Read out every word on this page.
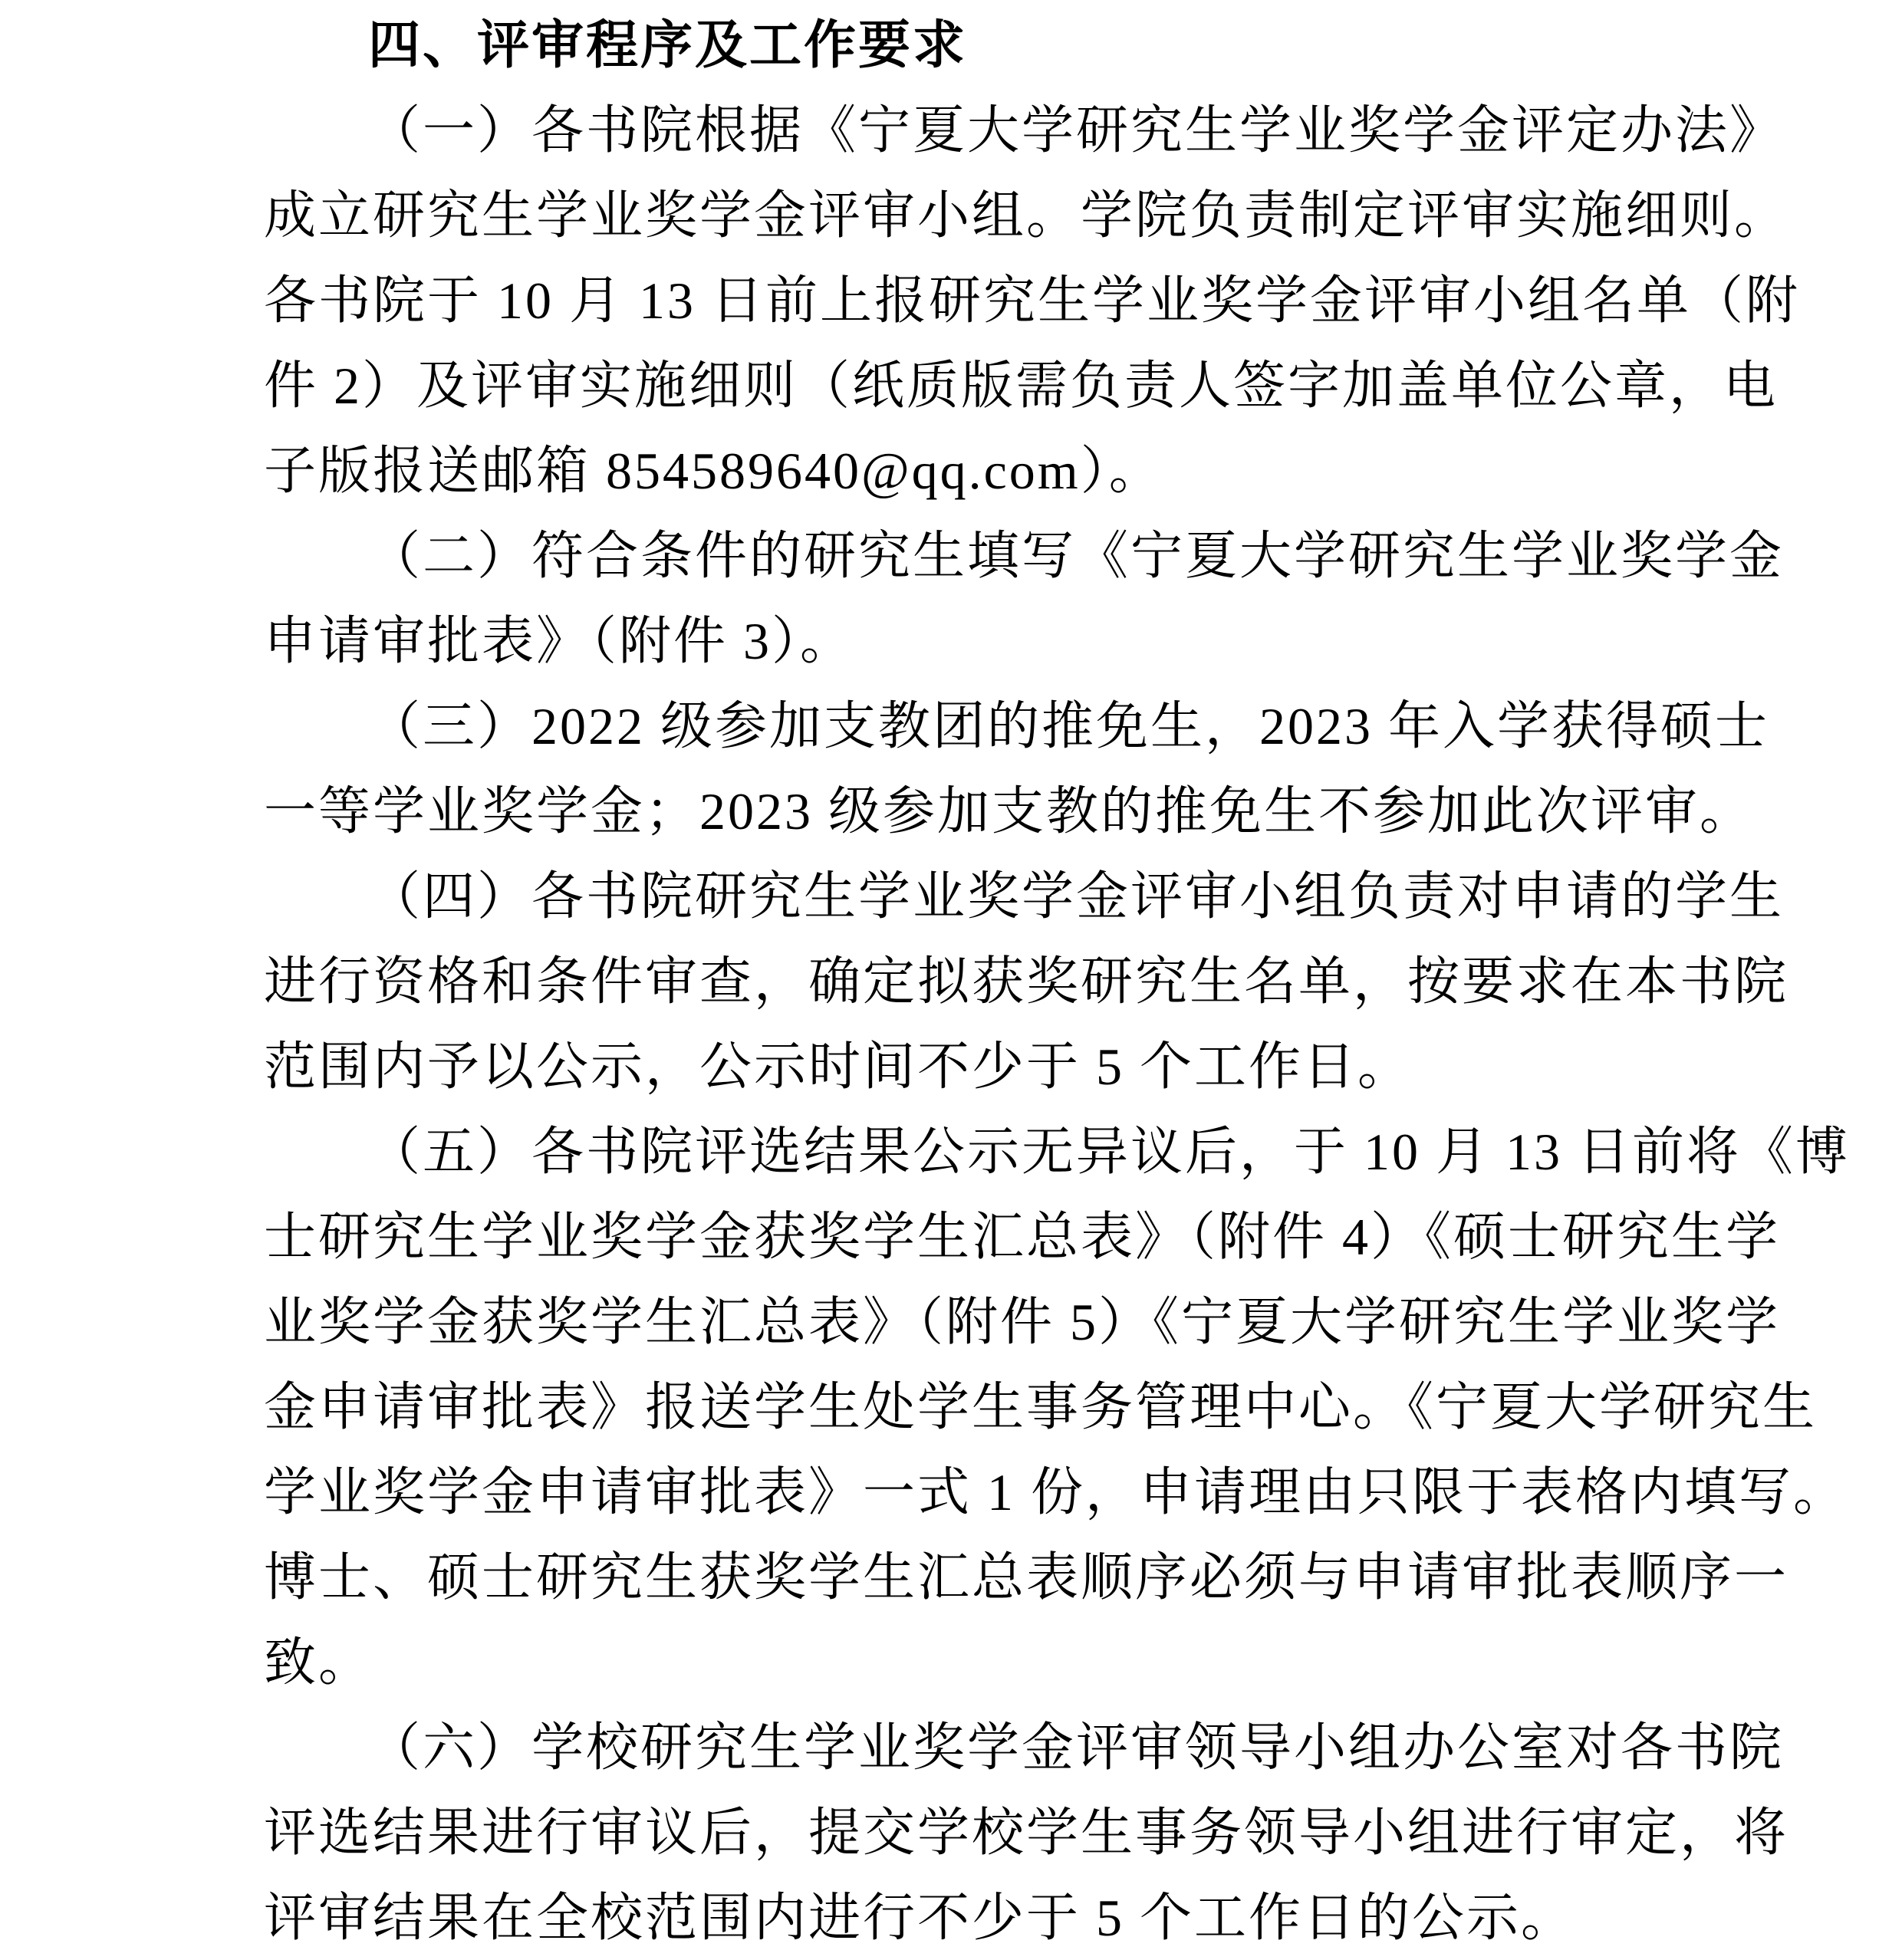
四、评审程序及工作要求
（一）各书院根据《宁夏大学研究生学业奖学金评定办法》
成立研究生学业奖学金评审小组。学院负责制定评审实施细则。
各书院于 10 月 13 日前上报研究生学业奖学金评审小组名单（附
件 2）及评审实施细则（纸质版需负责人签字加盖单位公章，电
子版报送邮箱 854589640@qq.com）。
（二）符合条件的研究生填写《宁夏大学研究生学业奖学金
申请审批表》（附件 3）。
（三）2022 级参加支教团的推免生，2023 年入学获得硕士
一等学业奖学金；2023 级参加支教的推免生不参加此次评审。
（四）各书院研究生学业奖学金评审小组负责对申请的学生
进行资格和条件审查，确定拟获奖研究生名单，按要求在本书院
范围内予以公示，公示时间不少于 5 个工作日。
（五）各书院评选结果公示无异议后，于 10 月 13 日前将《博
士研究生学业奖学金获奖学生汇总表》（附件 4）《硕士研究生学
业奖学金获奖学生汇总表》（附件 5）《宁夏大学研究生学业奖学
金申请审批表》报送学生处学生事务管理中心。《宁夏大学研究生
学业奖学金申请审批表》一式 1 份，申请理由只限于表格内填写。
博士、硕士研究生获奖学生汇总表顺序必须与申请审批表顺序一
致。
（六）学校研究生学业奖学金评审领导小组办公室对各书院
评选结果进行审议后，提交学校学生事务领导小组进行审定，将
评审结果在全校范围内进行不少于 5 个工作日的公示。
